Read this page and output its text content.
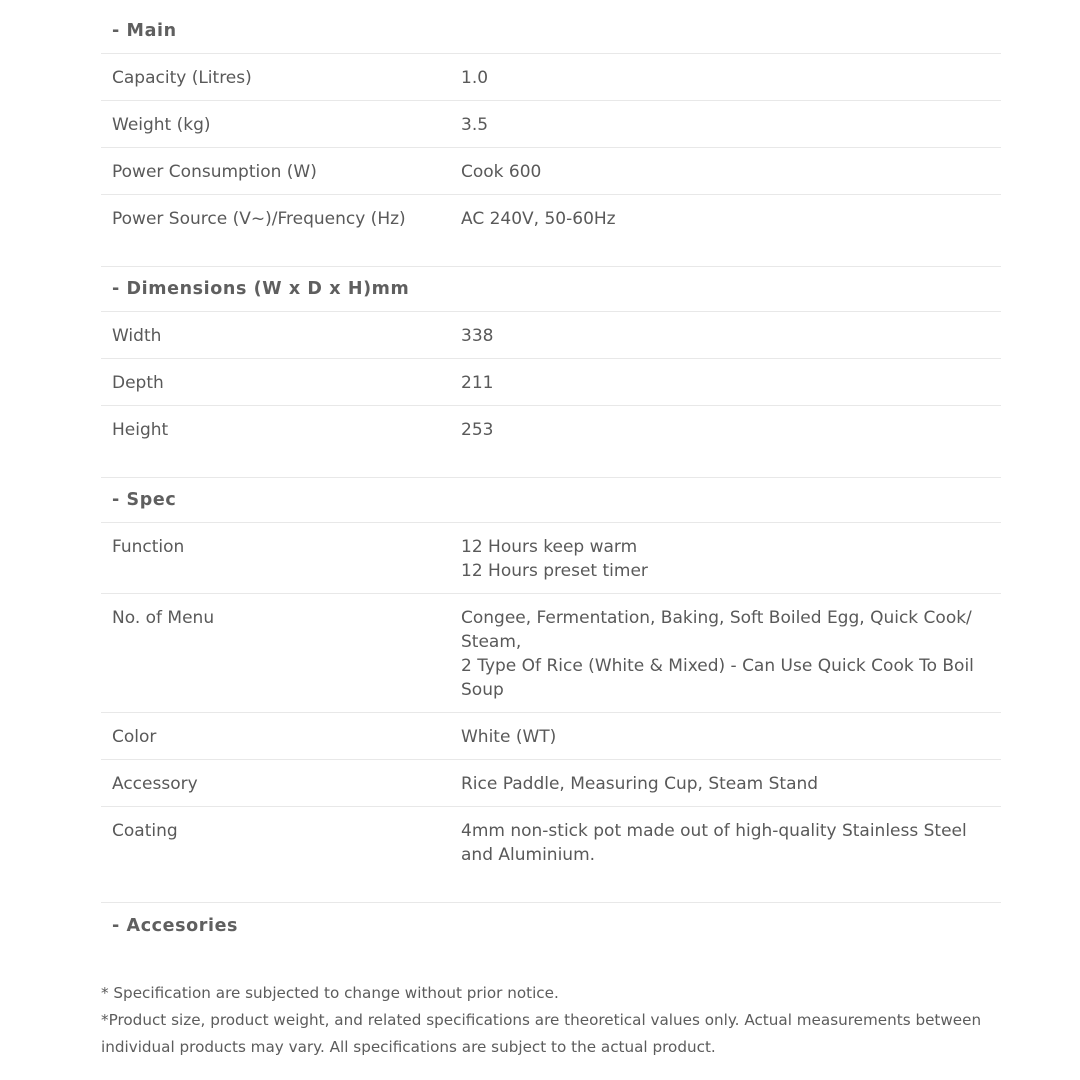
- Main
Capacity (Litres)	1.0
Weight (kg)	3.5
Power Consumption (W)	Cook 600
Power Source (V~)/Frequency (Hz)	AC 240V, 50-60Hz
- Dimensions (W x D x H)mm
Width	338
Depth	211
Height	253
- Spec
Function	12 Hours keep warm
12 Hours preset timer
No. of Menu	Congee, Fermentation, Baking, Soft Boiled Egg, Quick Cook/ Steam,
2 Type Of Rice (White & Mixed) - Can Use Quick Cook To Boil Soup
Color	White (WT)
Accessory	Rice Paddle, Measuring Cup, Steam Stand
Coating	4mm non-stick pot made out of high-quality Stainless Steel and Aluminium.
- Accesories
* Specification are subjected to change without prior notice.
*Product size, product weight, and related specifications are theoretical values only. Actual measurements between individual products may vary. All specifications are subject to the actual product.
